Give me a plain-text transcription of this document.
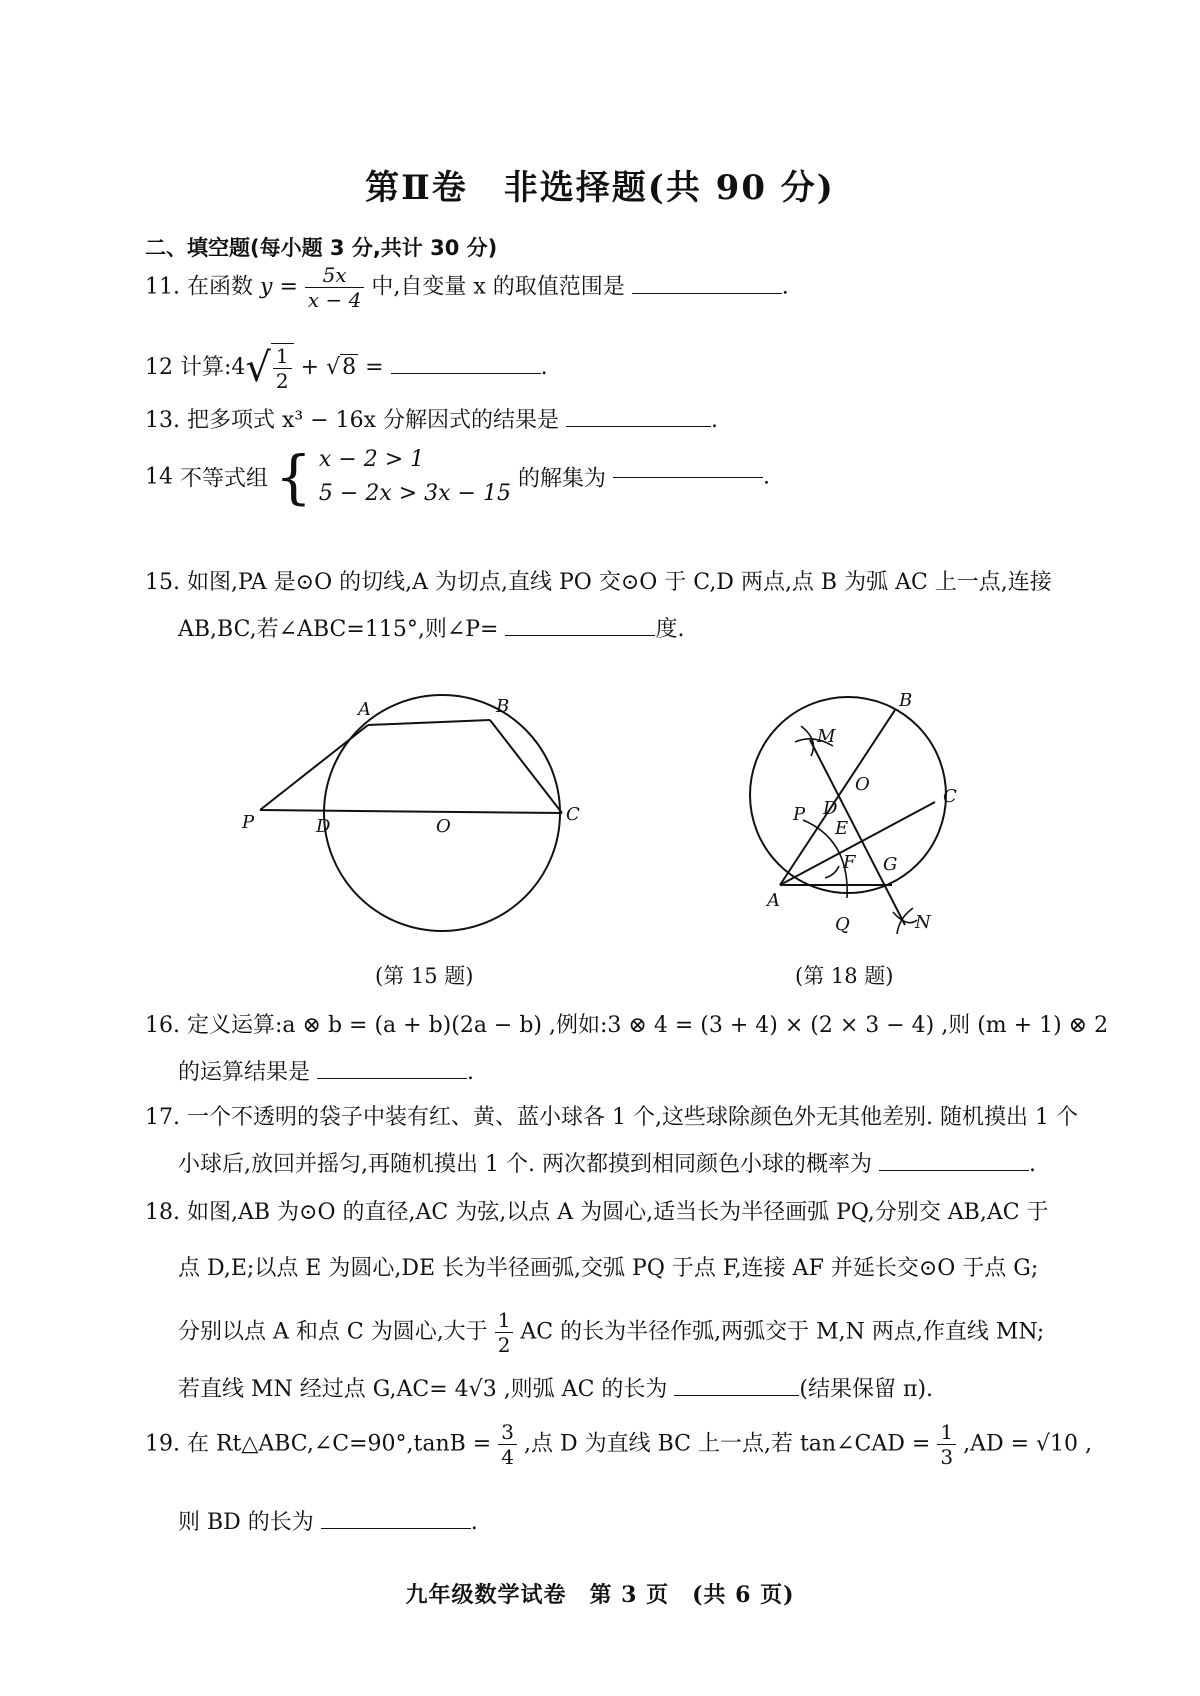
第Ⅱ卷　非选择题(共 90 分)
二、填空题(每小题 3 分,共计 30 分)
11. 在函数 $y = \frac{5x}{x - 4}$ 中,自变量 x 的取值范围是	.
12 计算:4√ $\frac{1}{2} + √8$ =	.
13. 把多项式 x³ − 16x 分解因式的结果是	.
14 不等式组 { x − 2 > 1
5 − 2x > 3x − 15
的解集为	.
15. 如图,PA 是⊙O 的切线,A 为切点,直线 PO 交⊙O 于 C,D 两点,点 B 为弧 AC 上一点,连接
AB,BC,若∠ABC=115°,则∠P=	度.
A	B
C
D	O
P
(第 15 题)
B
M
O
C
P D
E
F G
A
Q	N
(第 18 题)
16. 定义运算:a ⊗ b = (a + b)(2a − b) ,例如:3 ⊗ 4 = (3 + 4) × (2 × 3 − 4) ,则 (m + 1) ⊗ 2
的运算结果是	.
17. 一个不透明的袋子中装有红、黄、蓝小球各 1 个,这些球除颜色外无其他差别. 随机摸出 1 个
小球后,放回并摇匀,再随机摸出 1 个. 两次都摸到相同颜色小球的概率为	.
18. 如图,AB 为⊙O 的直径,AC 为弦,以点 A 为圆心,适当长为半径画弧 PQ,分别交 AB,AC 于
点 D,E;以点 E 为圆心,DE 长为半径画弧,交弧 PQ 于点 F,连接 AF 并延长交⊙O 于点 G;
分别以点 A 和点 C 为圆心,大于 $\frac{1}{2}$ AC 的长为半径作弧,两弧交于 M,N 两点,作直线 MN;
若直线 MN 经过点 G,AC= 4√3 ,则弧 AC 的长为	(结果保留 π).
19. 在 Rt△ABC,∠C=90°,tanB = $\frac{3}{4}$ ,点 D 为直线 BC 上一点,若 tan∠CAD = $\frac{1}{3} ,AD = √10$ ,
则 BD 的长为	.
九年级数学试卷　第 3 页　(共 6 页)
